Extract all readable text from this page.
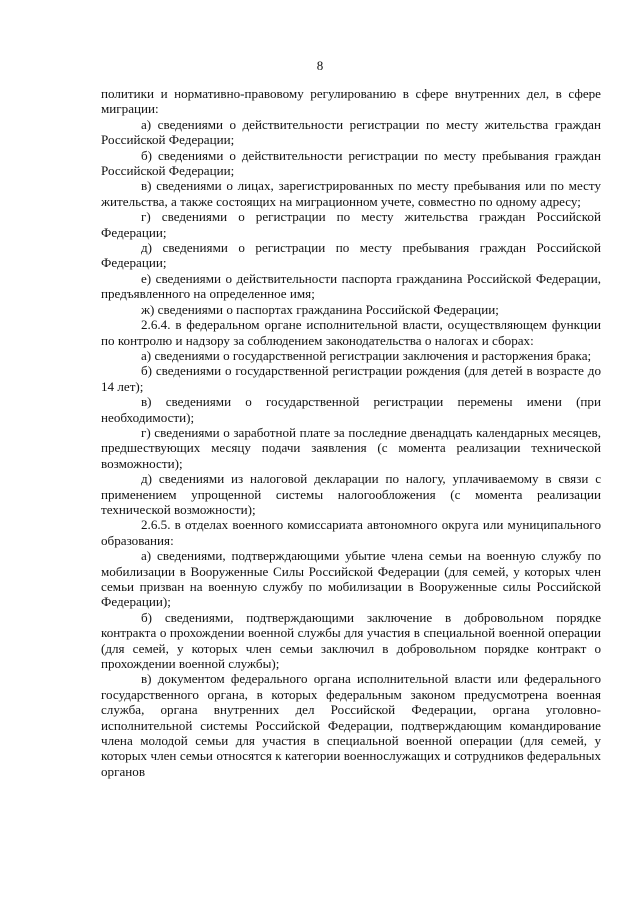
8

политики и нормативно-правовому регулированию в сфере внутренних дел, в сфере миграции:

а) сведениями о действительности регистрации по месту жительства граждан Российской Федерации;

б) сведениями о действительности регистрации по месту пребывания граждан Российской Федерации;

в) сведениями о лицах, зарегистрированных по месту пребывания или по месту жительства, а также состоящих на миграционном учете, совместно по одному адресу;

г) сведениями о регистрации по месту жительства граждан Российской Федерации;

д) сведениями о регистрации по месту пребывания граждан Российской Федерации;

е) сведениями о действительности паспорта гражданина Российской Федерации, предъявленного на определенное имя;

ж) сведениями о паспортах гражданина Российской Федерации;

2.6.4. в федеральном органе исполнительной власти, осуществляющем функции по контролю и надзору за соблюдением законодательства о налогах и сборах:

а) сведениями о государственной регистрации заключения и расторжения брака;

б) сведениями о государственной регистрации рождения (для детей в возрасте до 14 лет);

в) сведениями о государственной регистрации перемены имени (при необходимости);

г) сведениями о заработной плате за последние двенадцать календарных месяцев, предшествующих месяцу подачи заявления (с момента реализации технической возможности);

д) сведениями из налоговой декларации по налогу, уплачиваемому в связи с применением упрощенной системы налогообложения (с момента реализации технической возможности);

2.6.5. в отделах военного комиссариата автономного округа или муниципального образования:

а) сведениями, подтверждающими убытие члена семьи на военную службу по мобилизации в Вооруженные Силы Российской Федерации (для семей, у которых член семьи призван на военную службу по мобилизации в Вооруженные силы Российской Федерации);

б) сведениями, подтверждающими заключение в добровольном порядке контракта о прохождении военной службы для участия в специальной военной операции (для семей, у которых член семьи заключил в добровольном порядке контракт о прохождении военной службы);

в) документом федерального органа исполнительной власти или федерального государственного органа, в которых федеральным законом предусмотрена военная служба, органа внутренних дел Российской Федерации, органа уголовно-исполнительной системы Российской Федерации, подтверждающим командирование члена молодой семьи для участия в специальной военной операции (для семей, у которых член семьи относятся к категории военнослужащих и сотрудников федеральных органов
